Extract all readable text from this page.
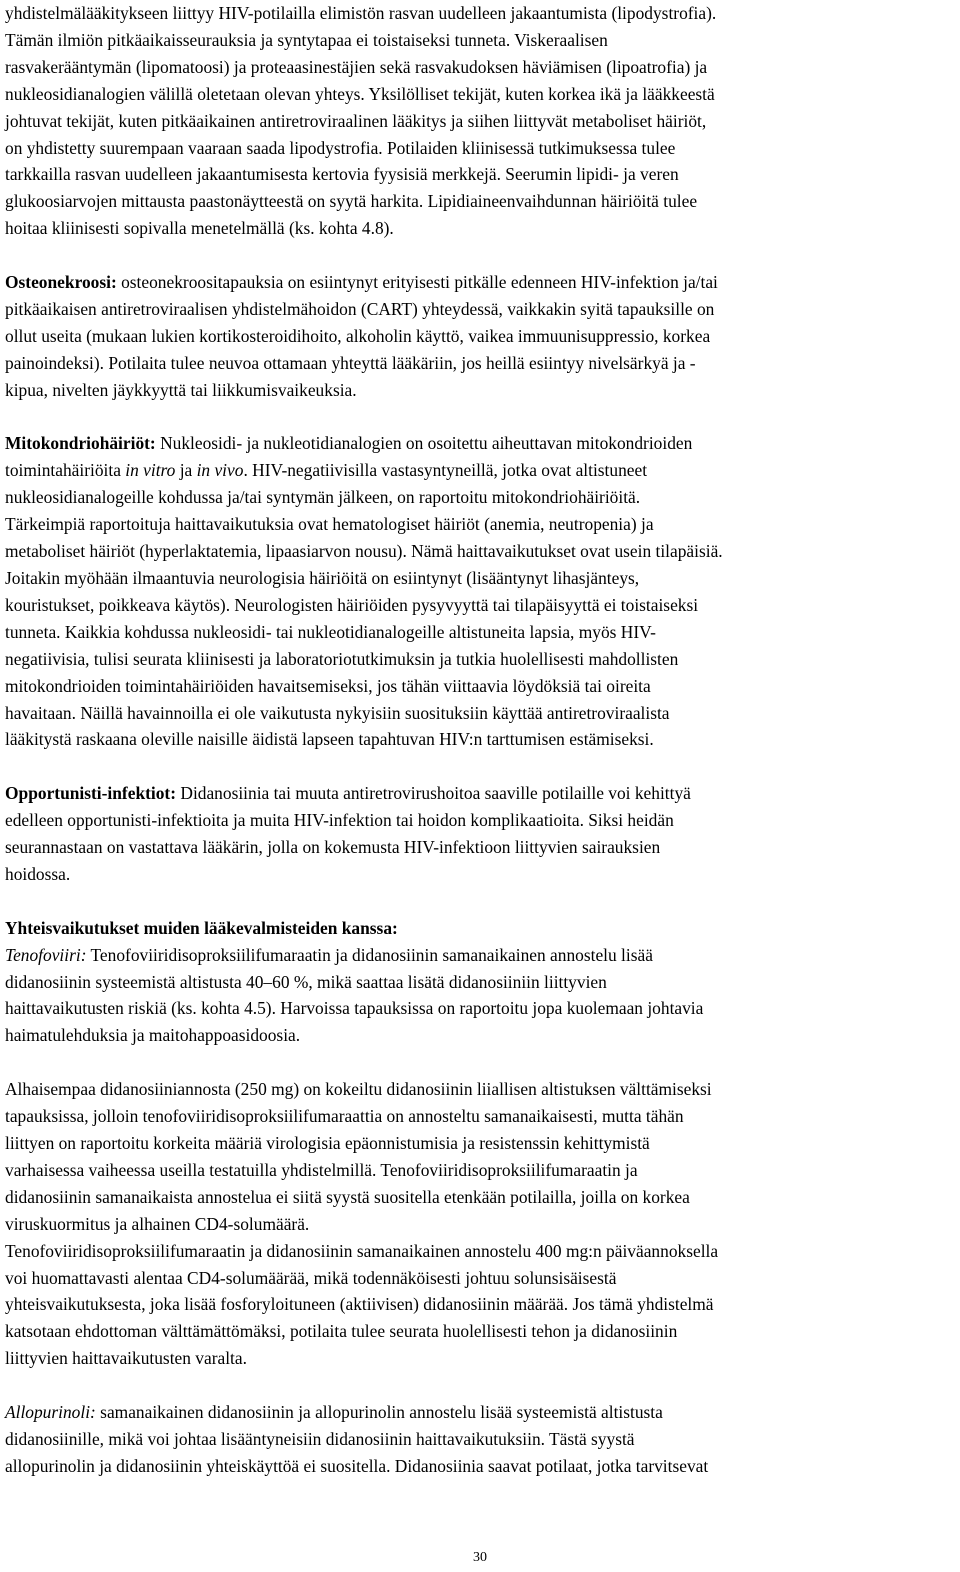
yhdistelmälääkitykseen liittyy HIV-potilailla elimistön rasvan uudelleen jakaantumista (lipodystrofia).
Tämän ilmiön pitkäaikaisseurauksia ja syntytapaa ei toistaiseksi tunneta. Viskeraalisen
rasvakerääntymän (lipomatoosi) ja proteaasinestäjien sekä rasvakudoksen häviämisen (lipoatrofia) ja
nukleosidianalogien välillä oletetaan olevan yhteys. Yksilölliset tekijät, kuten korkea ikä ja lääkkeestä
johtuvat tekijät, kuten pitkäaikainen antiretroviraalinen lääkitys ja siihen liittyvät metaboliset häiriöt,
on yhdistetty suurempaan vaaraan saada lipodystrofia. Potilaiden kliinisessä tutkimuksessa tulee
tarkkailla rasvan uudelleen jakaantumisesta kertovia fyysisiä merkkejä. Seerumin lipidi- ja veren
glukoosiarvojen mittausta paastonäytteestä on syytä harkita. Lipidiaineenvaihdunnan häiriöitä tulee
hoitaa kliinisesti sopivalla menetelmällä (ks. kohta 4.8).

Osteonekroosi: osteonekroositapauksia on esiintynyt erityisesti pitkälle edenneen HIV-infektion ja/tai
pitkäaikaisen antiretroviraalisen yhdistelmähoidon (CART) yhteydessä, vaikkakin syitä tapauksille on
ollut useita (mukaan lukien kortikosteroidihoito, alkoholin käyttö, vaikea immuunisuppressio, korkea
painoindeksi). Potilaita tulee neuvoa ottamaan yhteyttä lääkäriin, jos heillä esiintyy nivelsärkyä ja -
kipua, nivelten jäykkyyttä tai liikkumisvaikeuksia.

Mitokondriohäiriöt: Nukleosidi- ja nukleotidianalogien on osoitettu aiheuttavan mitokondrioiden
toimintahäiriöita in vitro ja in vivo. HIV-negatiivisilla vastasyntyneillä, jotka ovat altistuneet
nukleosidianalogeille kohdussa ja/tai syntymän jälkeen, on raportoitu mitokondriohäiriöitä.
Tärkeimpiä raportoituja haittavaikutuksia ovat hematologiset häiriöt (anemia, neutropenia) ja
metaboliset häiriöt (hyperlaktatemia, lipaasiarvon nousu). Nämä haittavaikutukset ovat usein tilapäisiä.
Joitakin myöhään ilmaantuvia neurologisia häiriöitä on esiintynyt (lisääntynyt lihasjänteys,
kouristukset, poikkeava käytös). Neurologisten häiriöiden pysyvyyttä tai tilapäisyyttä ei toistaiseksi
tunneta. Kaikkia kohdussa nukleosidi- tai nukleotidianalogeille altistuneita lapsia, myös HIV-
negatiivisia, tulisi seurata kliinisesti ja laboratoriotutkimuksin ja tutkia huolellisesti mahdollisten
mitokondrioiden toimintahäiriöiden havaitsemiseksi, jos tähän viittaavia löydöksiä tai oireita
havaitaan. Näillä havainnoilla ei ole vaikutusta nykyisiin suosituksiin käyttää antiretroviraalista
lääkitystä raskaana oleville naisille äidistä lapseen tapahtuvan HIV:n tarttumisen estämiseksi.

Opportunisti-infektiot: Didanosiinia tai muuta antiretrovirushoitoa saaville potilaille voi kehittyä
edelleen opportunisti-infektioita ja muita HIV-infektion tai hoidon komplikaatioita. Siksi heidän
seurannastaan on vastattava lääkärin, jolla on kokemusta HIV-infektioon liittyvien sairauksien
hoidossa.

Yhteisvaikutukset muiden lääkevalmisteiden kanssa:
Tenofoviiri: Tenofoviiridisoproksiilifumaraatin ja didanosiinin samanaikainen annostelu lisää
didanosiinin systeemistä altistusta 40–60 %, mikä saattaa lisätä didanosiiniin liittyvien
haittavaikutusten riskiä (ks. kohta 4.5). Harvoissa tapauksissa on raportoitu jopa kuolemaan johtavia
haimatulehduksia ja maitohappoasidoosia.

Alhaisempaa didanosiiniannosta (250 mg) on kokeiltu didanosiinin liiallisen altistuksen välttämiseksi
tapauksissa, jolloin tenofoviiridisoproksiilifumaraattia on annosteltu samanaikaisesti, mutta tähän
liittyen on raportoitu korkeita määriä virologisia epäonnistumisia ja resistenssin kehittymistä
varhaisessa vaiheessa useilla testatuilla yhdistelmillä. Tenofoviiridisoproksiilifumaraatin ja
didanosiinin samanaikaista annostelua ei siitä syystä suositella etenkään potilailla, joilla on korkea
viruskuormitus ja alhainen CD4-solumäärä.

Tenofoviiridisoproksiilifumaraatin ja didanosiinin samanaikainen annostelu 400 mg:n päiväannoksella
voi huomattavasti alentaa CD4-solumäärää, mikä todennäköisesti johtuu solunsisäisestä
yhteisvaikutuksesta, joka lisää fosforyloituneen (aktiivisen) didanosiinin määrää. Jos tämä yhdistelmä
katsotaan ehdottoman välttämättömäksi, potilaita tulee seurata huolellisesti tehon ja didanosiinin
liittyvien haittavaikutusten varalta.

Allopurinoli: samanaikainen didanosiinin ja allopurinolin annostelu lisää systeemistä altistusta
didanosiinille, mikä voi johtaa lisääntyneisiin didanosiinin haittavaikutuksiin. Tästä syystä
allopurinolin ja didanosiinin yhteiskäyttöä ei suositella. Didanosiinia saavat potilaat, jotka tarvitsevat

30
